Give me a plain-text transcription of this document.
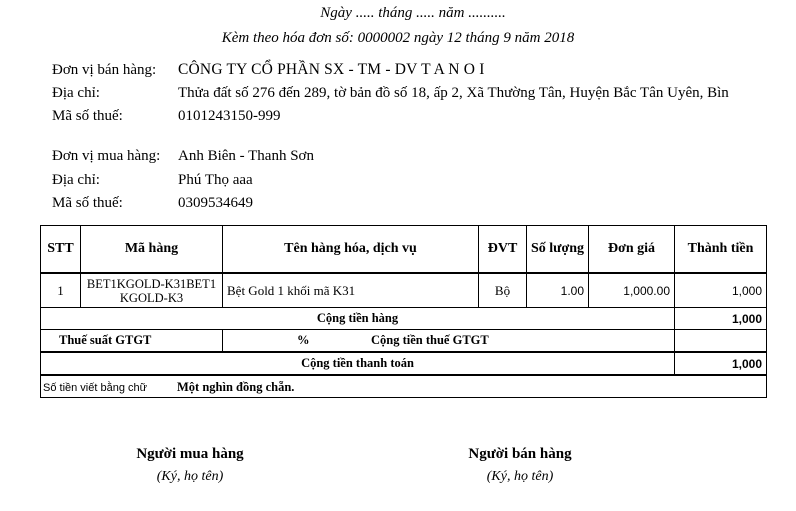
Ngày ..... tháng ..... năm ..........
Kèm theo hóa đơn số: 0000002 ngày 12 tháng 9 năm 2018
Đơn vị bán hàng: CÔNG TY CỔ PHẦN SX - TM - DV T A N O I
Địa chỉ:	Thửa đất số 276 đến 289, tờ bản đồ số 18, ấp 2, Xã Thường Tân, Huyện Bắc Tân Uyên, Bìn
Mã số thuế:	0101243150-999
Đơn vị mua hàng: Anh Biên - Thanh Sơn
Địa chỉ:	Phú Thọ aaa
Mã số thuế:	0309534649
STT	Mã hàng	Tên hàng hóa, dịch vụ	ĐVT	Số lượng	Đơn giá	Thành tiền
1	BET1KGOLD-K31BET1KGOLD-K3	Bệt Gold 1 khối mã K31	Bộ	1.00	1,000.00	1,000
Cộng tiền hàng						1,000
Thuế suất GTGT		% Cộng tiền thuế GTGT				
Cộng tiền thanh toán						1,000
Số tiền viết bằng chữ Một nghìn đồng chẵn.						
Người mua hàng
(Ký, họ tên)
Người bán hàng
(Ký, họ tên)
